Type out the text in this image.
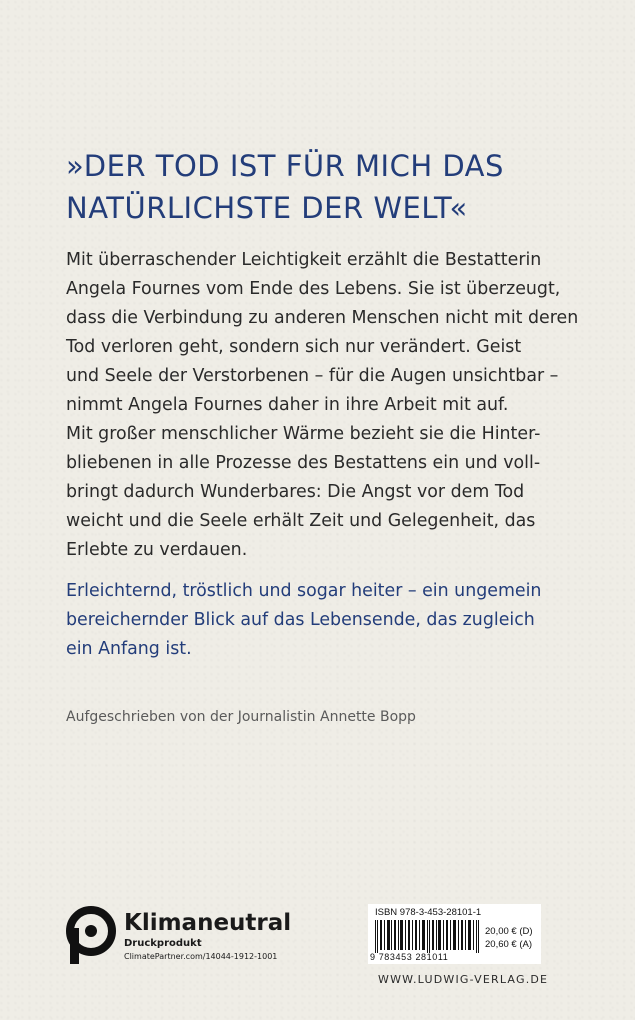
»DER TOD IST FÜR MICH DAS
NATÜRLICHSTE DER WELT«
Mit überraschender Leichtigkeit erzählt die Bestatterin
Angela Fournes vom Ende des Lebens. Sie ist überzeugt,
dass die Verbindung zu anderen Menschen nicht mit deren
Tod verloren geht, sondern sich nur verändert. Geist
und Seele der Verstorbenen – für die Augen unsichtbar –
nimmt Angela Fournes daher in ihre Arbeit mit auf.
Mit großer menschlicher Wärme bezieht sie die Hinter-
bliebenen in alle Prozesse des Bestattens ein und voll-
bringt dadurch Wunderbares: Die Angst vor dem Tod
weicht und die Seele erhält Zeit und Gelegenheit, das
Erlebte zu verdauen.
Erleichternd, tröstlich und sogar heiter – ein ungemein
bereichernder Blick auf das Lebensende, das zugleich
ein Anfang ist.
Aufgeschrieben von der Journalistin Annette Bopp
Klimaneutral
Druckprodukt
ClimatePartner.com/14044-1912-1001
ISBN 978-3-453-28101-1
9 783453 281011
20,00 € (D)
20,60 € (A)
WWW.LUDWIG-VERLAG.DE
